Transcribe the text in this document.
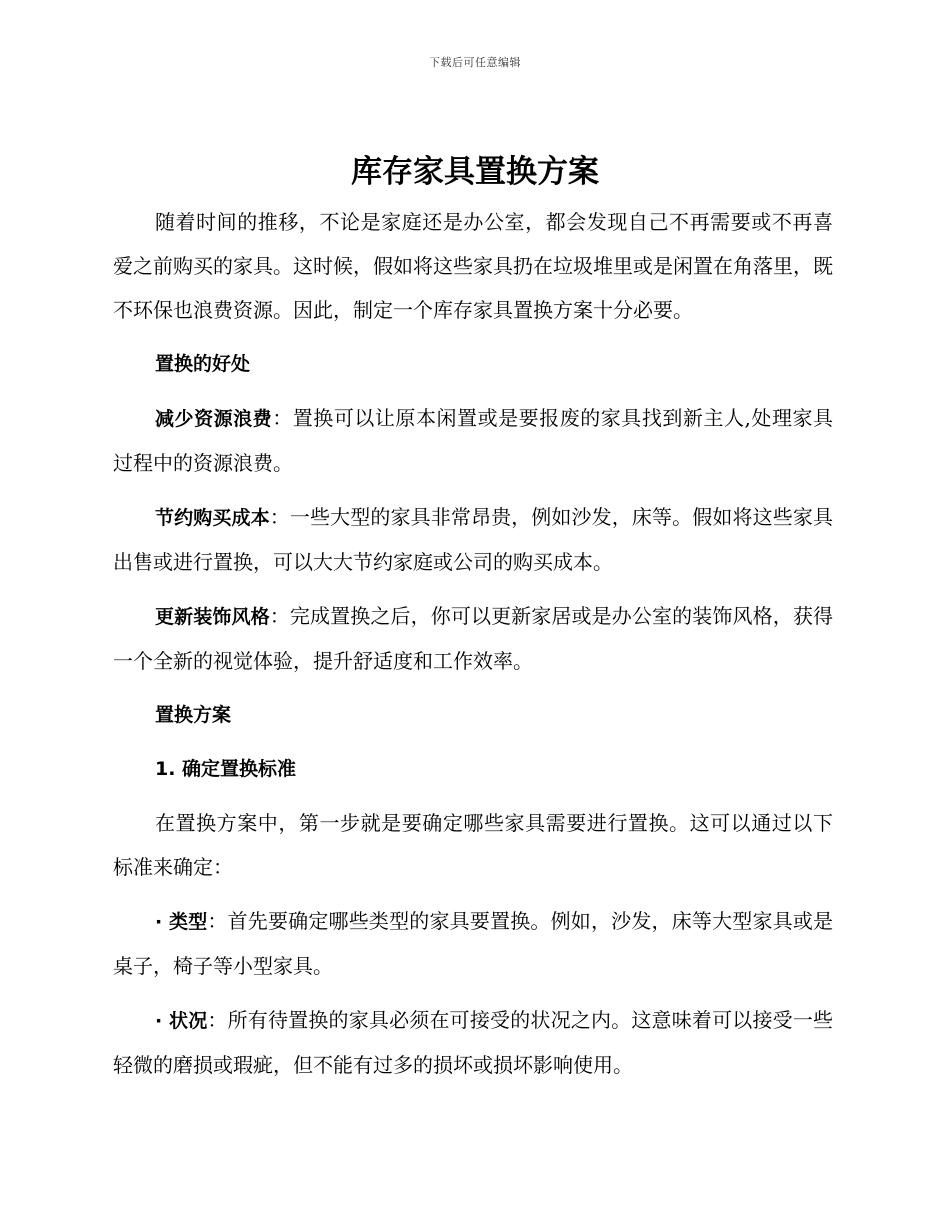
下载后可任意编辑
库存家具置换方案

随着时间的推移，不论是家庭还是办公室，都会发现自己不再需要或不再喜爱之前购买的家具。这时候，假如将这些家具扔在垃圾堆里或是闲置在角落里，既不环保也浪费资源。因此，制定一个库存家具置换方案十分必要。

置换的好处

减少资源浪费：置换可以让原本闲置或是要报废的家具找到新主人,处理家具过程中的资源浪费。

节约购买成本：一些大型的家具非常昂贵，例如沙发，床等。假如将这些家具出售或进行置换，可以大大节约家庭或公司的购买成本。

更新装饰风格：完成置换之后，你可以更新家居或是办公室的装饰风格，获得一个全新的视觉体验，提升舒适度和工作效率。

置换方案

1. 确定置换标准

在置换方案中，第一步就是要确定哪些家具需要进行置换。这可以通过以下标准来确定：

· 类型：首先要确定哪些类型的家具要置换。例如，沙发，床等大型家具或是桌子，椅子等小型家具。

· 状况：所有待置换的家具必须在可接受的状况之内。这意味着可以接受一些轻微的磨损或瑕疵，但不能有过多的损坏或损坏影响使用。
